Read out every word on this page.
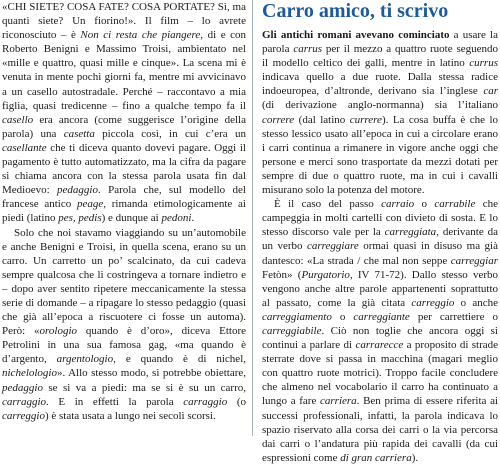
«CHI SIETE? COSA FATE? COSA PORTATE? Sì, ma quanti siete? Un fiorino!». Il film – lo avrete riconosciuto – è Non ci resta che piangere, di e con Roberto Benigni e Massimo Troisi, ambientato nel «mille e quattro, quasi mille e cinque». La scena mi è venuta in mente pochi giorni fa, mentre mi avvicinavo a un casello autostradale. Perché – raccontavo a mia figlia, quasi tredicenne – fino a qualche tempo fa il casello era ancora (come suggerisce l’origine della parola) una casetta piccola così, in cui c’era un casellante che ti diceva quanto dovevi pagare. Oggi il pagamento è tutto automatizzato, ma la cifra da pagare si chiama ancora con la stessa parola usata fin dal Medioevo: pedaggio. Parola che, sul modello del francese antico peage, rimanda etimologicamente ai piedi (latino pes, pedis) e dunque ai pedoni.

Solo che noi stavamo viaggiando su un’automobile e anche Benigni e Troisi, in quella scena, erano su un carro. Un carretto un po’ scalcinato, da cui cadeva sempre qualcosa che li costringeva a tornare indietro e – dopo aver sentito ripetere meccanicamente la stessa serie di domande – a ripagare lo stesso pedaggio (quasi che già all’epoca a riscuotere ci fosse un automa). Però: «orologio quando è d’oro», diceva Ettore Petrolini in una sua famosa gag, «ma quando è d’argento, argentologio, e quando è di nichel, nichelologio». Allo stesso modo, si potrebbe obiettare, pedaggio se si va a piedi: ma se si è su un carro, carraggio. E in effetti la parola carraggio (o carreggio) è stata usata a lungo nei secoli scorsi.

Carro amico, ti scrivo

Gli antichi romani avevano cominciato a usare la parola carrus per il mezzo a quattro ruote seguendo il modello celtico dei galli, mentre in latino currus indicava quello a due ruote. Dalla stessa radice indoeuropea, d’altronde, derivano sia l’inglese car (di derivazione anglo-normanna) sia l’italiano correre (dal latino currere). La cosa buffa è che lo stesso lessico usato all’epoca in cui a circolare erano i carri continua a rimanere in vigore anche oggi che persone e merci sono trasportate da mezzi dotati per sempre di due o quattro ruote, ma in cui i cavalli misurano solo la potenza del motore.

È il caso del passo carraio o carrabile che campeggia in molti cartelli con divieto di sosta. E lo stesso discorso vale per la carreggiata, derivante da un verbo carreggiare ormai quasi in disuso ma già dantesco: «La strada / che mal non seppe carreggiar Fetòn» (Purgatorio, IV 71-72). Dallo stesso verbo vengono anche altre parole appartenenti soprattutto al passato, come la già citata carreggio o anche carreggiamento o carreggiante per carrettiere o carreggiabile. Ciò non toglie che ancora oggi si continui a parlare di carrarecce a proposito di strade sterrate dove si passa in macchina (magari meglio con quattro ruote motrici). Troppo facile concludere che almeno nel vocabolario il carro ha continuato a lungo a fare carriera. Ben prima di essere riferita ai successi professionali, infatti, la parola indicava lo spazio riservato alla corsa dei carri o la via percorsa dai carri o l’andatura più rapida dei cavalli (da cui espressioni come di gran carriera).
